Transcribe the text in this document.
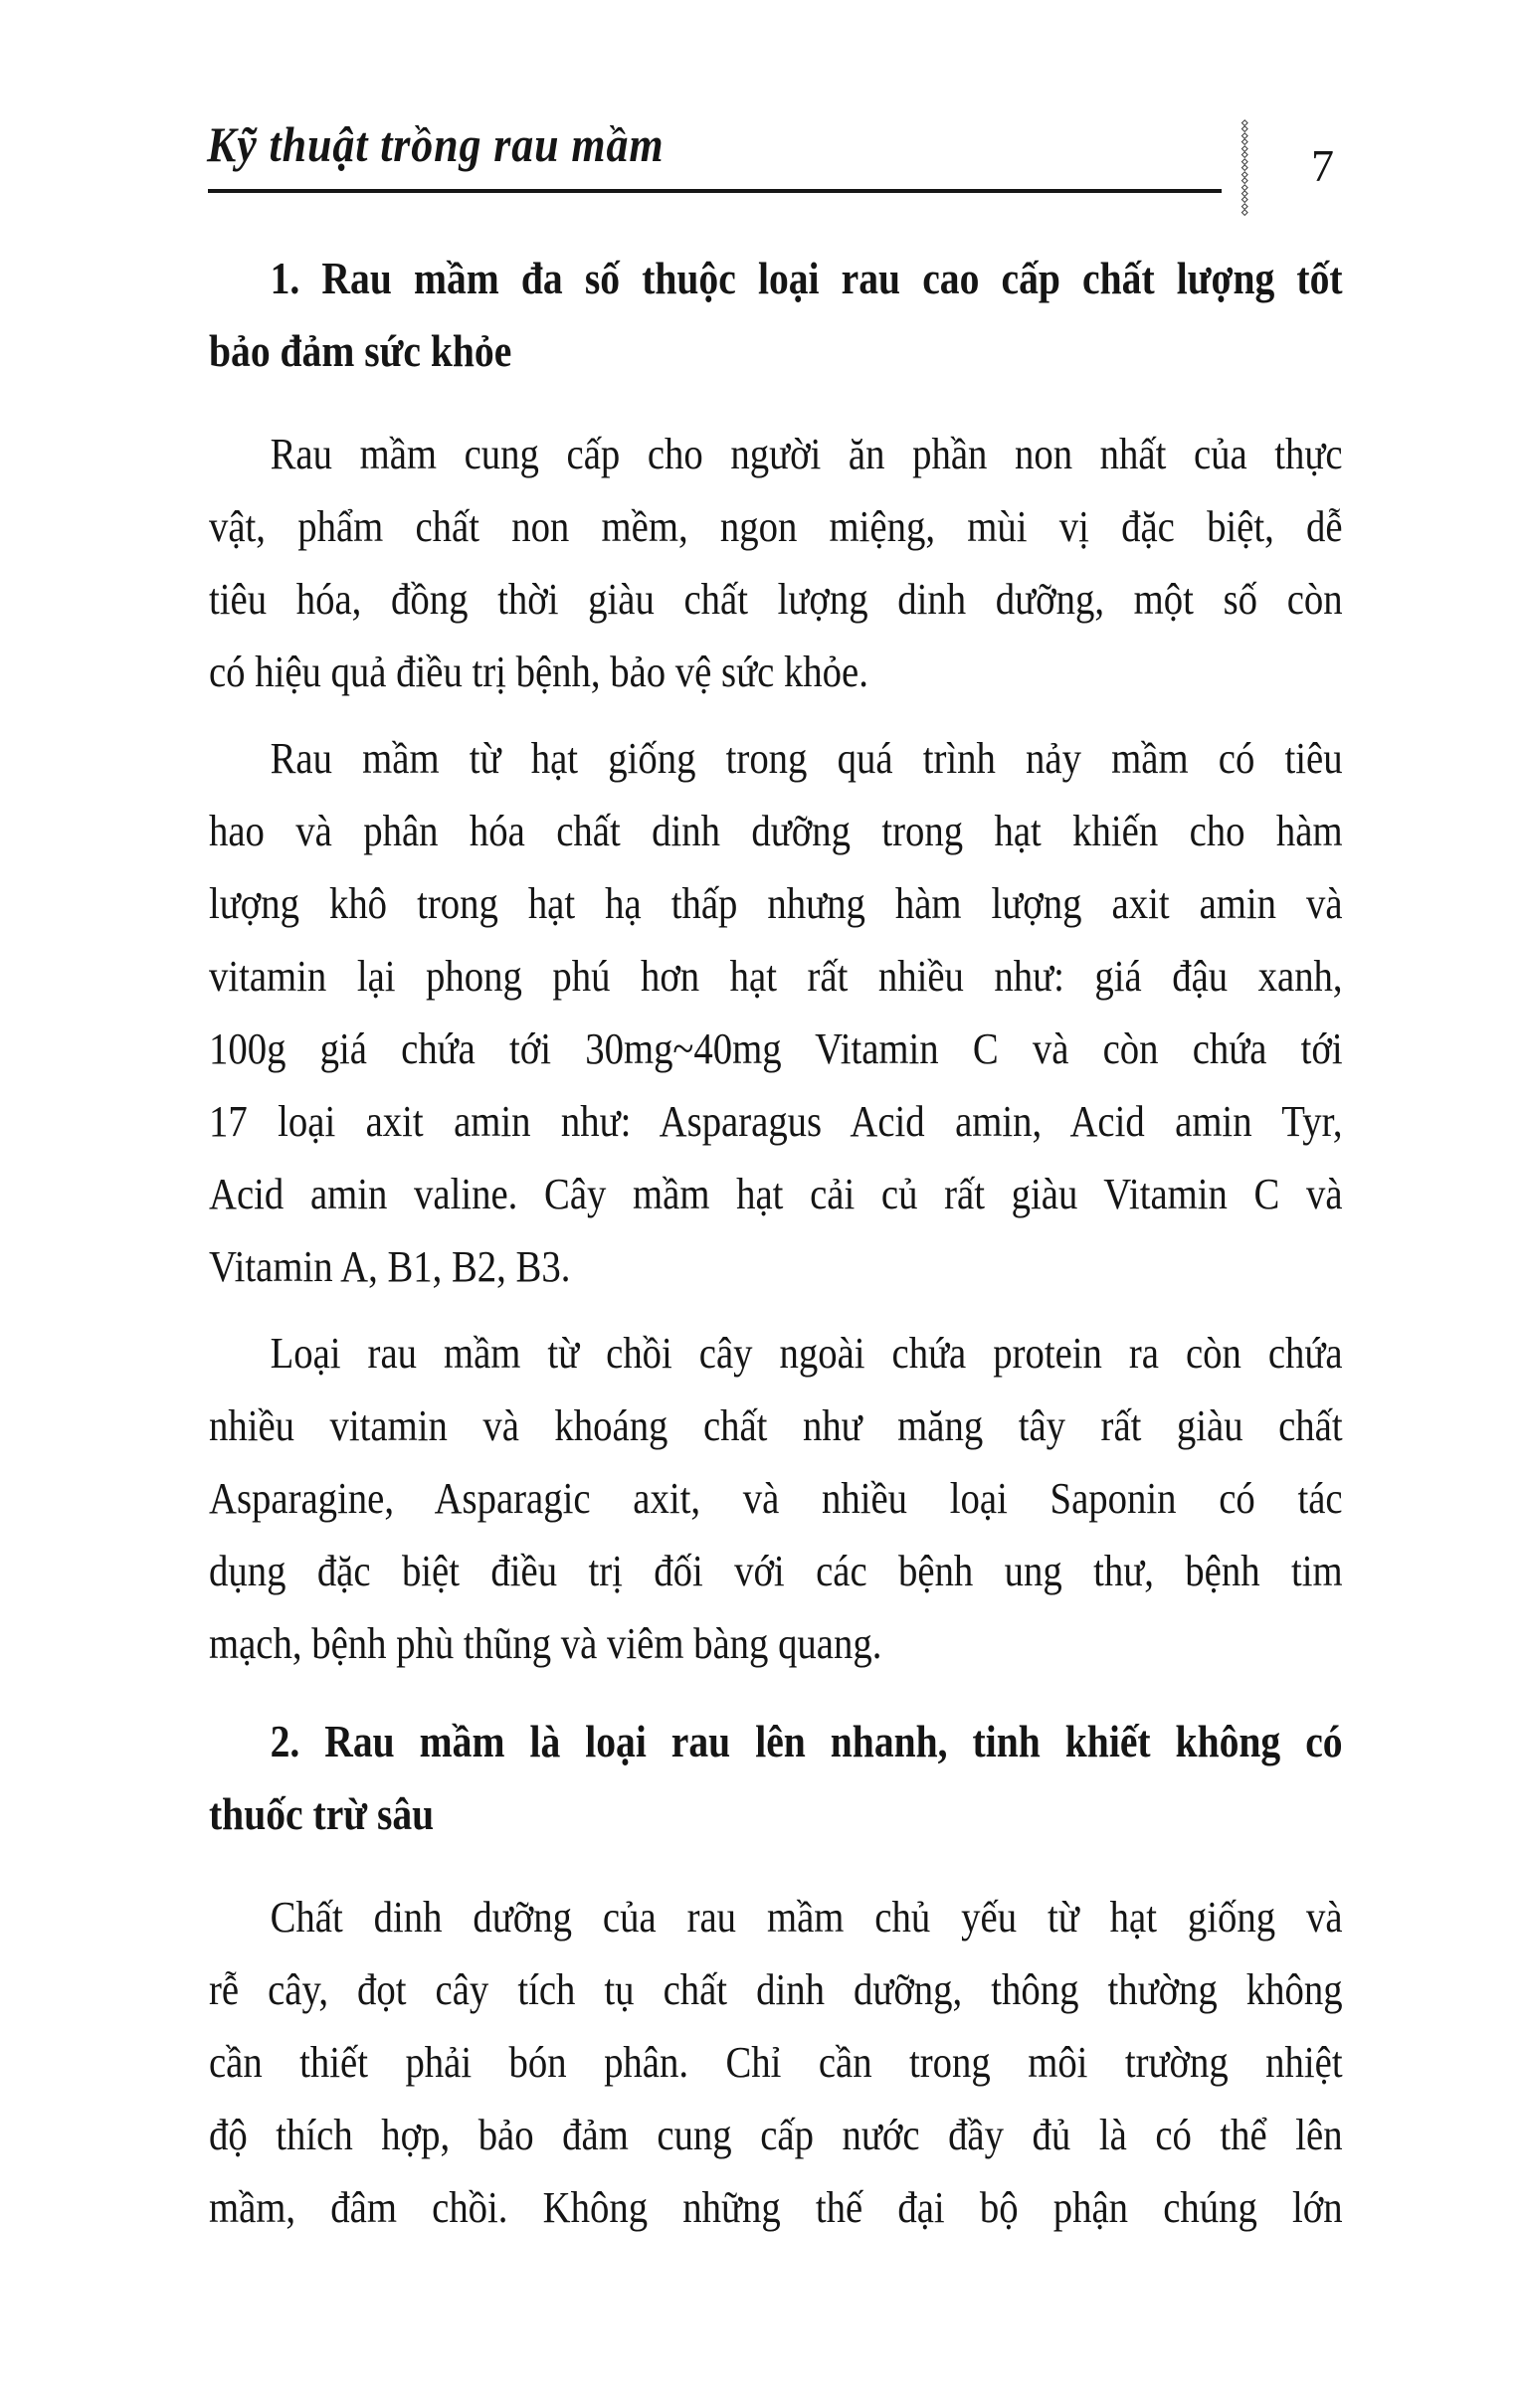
Kỹ thuật trồng rau mầm	7
1. Rau mầm đa số thuộc loại rau cao cấp chất lượng tốt
bảo đảm sức khỏe
Rau mầm cung cấp cho người ăn phần non nhất của thực
vật, phẩm chất non mềm, ngon miệng, mùi vị đặc biệt, dễ
tiêu hóa, đồng thời giàu chất lượng dinh dưỡng, một số còn
có hiệu quả điều trị bệnh, bảo vệ sức khỏe.
Rau mầm từ hạt giống trong quá trình nảy mầm có tiêu
hao và phân hóa chất dinh dưỡng trong hạt khiến cho hàm
lượng khô trong hạt hạ thấp nhưng hàm lượng axit amin và
vitamin lại phong phú hơn hạt rất nhiều như: giá đậu xanh,
100g giá chứa tới 30mg~40mg Vitamin C và còn chứa tới
17 loại axit amin như: Asparagus Acid amin, Acid amin Tyr,
Acid amin valine. Cây mầm hạt cải củ rất giàu Vitamin C và
Vitamin A, B1, B2, B3.
Loại rau mầm từ chồi cây ngoài chứa protein ra còn chứa
nhiều vitamin và khoáng chất như măng tây rất giàu chất
Asparagine, Asparagic axit, và nhiều loại Saponin có tác
dụng đặc biệt điều trị đối với các bệnh ung thư, bệnh tim
mạch, bệnh phù thũng và viêm bàng quang.
2. Rau mầm là loại rau lên nhanh, tinh khiết không có
thuốc trừ sâu
Chất dinh dưỡng của rau mầm chủ yếu từ hạt giống và
rễ cây, đọt cây tích tụ chất dinh dưỡng, thông thường không
cần thiết phải bón phân. Chỉ cần trong môi trường nhiệt
độ thích hợp, bảo đảm cung cấp nước đầy đủ là có thể lên
mầm, đâm chồi. Không những thế đại bộ phận chúng lớn
